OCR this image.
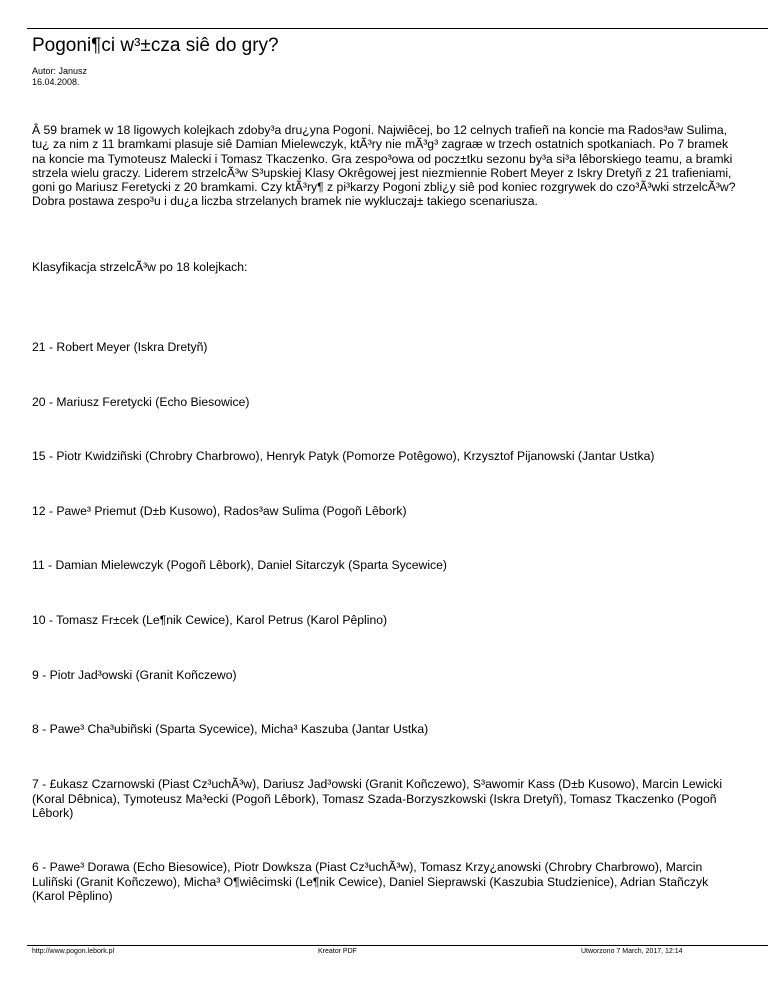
Pogoni¶ci w³±cza siê do gry?
Autor: Janusz
16.04.2008.
Â 59 bramek w 18 ligowych kolejkach zdoby³a dru¿yna Pogoni. Najwiêcej, bo 12 celnych trafieñ na koncie ma Rados³aw Sulima, tu¿ za nim z 11 bramkami plasuje siê Damian Mielewczyk, ktÃ³ry nie mÃ³g³ zagraæ w trzech ostatnich spotkaniach. Po 7 bramek na koncie ma Tymoteusz Malecki i Tomasz Tkaczenko. Gra zespo³owa od pocz±tku sezonu by³a si³a lêborskiego teamu, a bramki strzela wielu graczy. Liderem strzelcÃ³w S³upskiej Klasy Okrêgowej jest niezmiennie Robert Meyer z Iskry Dretyñ z 21 trafieniami, goni go Mariusz Feretycki z 20 bramkami. Czy ktÃ³ry¶ z pi³karzy Pogoni zbli¿y siê pod koniec rozgrywek do czo³Ã³wki strzelcÃ³w? Dobra postawa zespo³u i du¿a liczba strzelanych bramek nie wykluczaj± takiego scenariusza.
Klasyfikacja strzelcÃ³w po 18 kolejkach:
21 - Robert Meyer (Iskra Dretyñ)
20 - Mariusz Feretycki (Echo Biesowice)
15 - Piotr Kwidziñski (Chrobry Charbrowo), Henryk Patyk (Pomorze Potêgowo), Krzysztof Pijanowski (Jantar Ustka)
12 - Pawe³ Priemut (D±b Kusowo), Rados³aw Sulima (Pogoñ Lêbork)
11 - Damian Mielewczyk (Pogoñ Lêbork), Daniel Sitarczyk (Sparta Sycewice)
10 - Tomasz Fr±cek (Le¶nik Cewice), Karol Petrus (Karol Pêplino)
9 - Piotr Jad³owski (Granit Koñczewo)
8 - Pawe³ Cha³ubiñski (Sparta Sycewice), Micha³ Kaszuba (Jantar Ustka)
7 - £ukasz Czarnowski (Piast Cz³uchÃ³w), Dariusz Jad³owski (Granit Koñczewo), S³awomir Kass (D±b Kusowo), Marcin Lewicki (Koral Dêbnica), Tymoteusz Ma³ecki (Pogoñ Lêbork), Tomasz Szada-Borzyszkowski (Iskra Dretyñ), Tomasz Tkaczenko (Pogoñ Lêbork)
6 - Pawe³ Dorawa (Echo Biesowice), Piotr Dowksza (Piast Cz³uchÃ³w), Tomasz Krzy¿anowski (Chrobry Charbrowo), Marcin Luliñski (Granit Koñczewo), Micha³ O¶wiêcimski (Le¶nik Cewice), Daniel Sieprawski (Kaszubia Studzienice), Adrian Stañczyk (Karol Pêplino)
http://www.pogon.lebork.pl	Kreator PDF	Utworzono 7 March, 2017, 12:14
